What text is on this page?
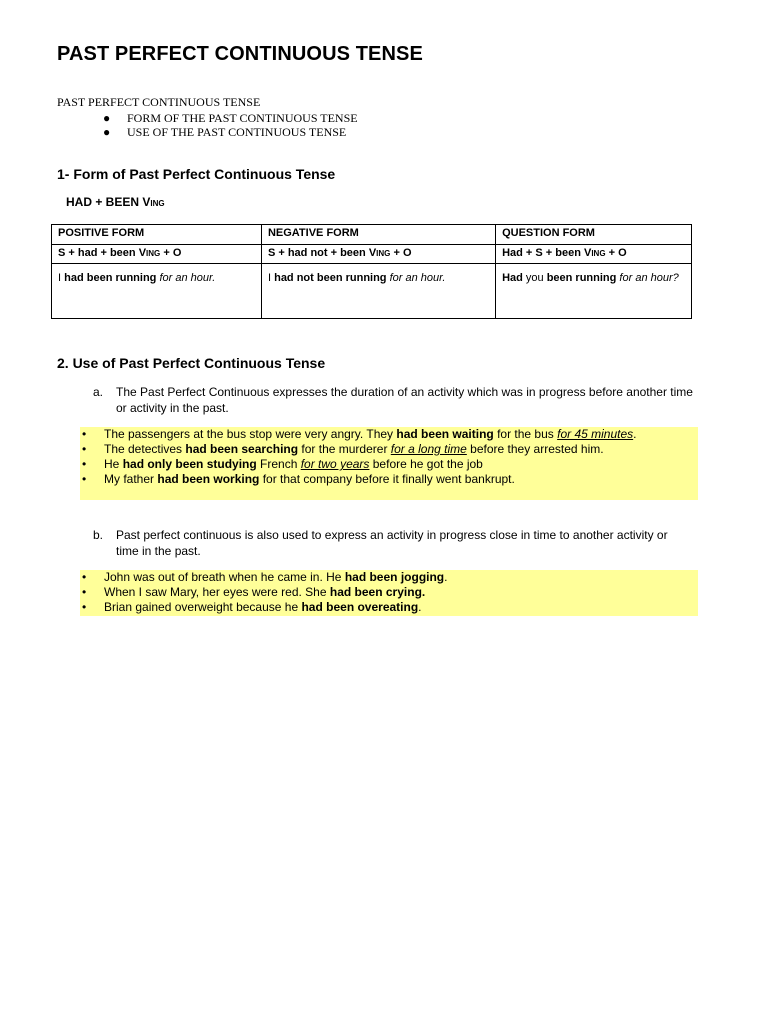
PAST PERFECT CONTINUOUS TENSE
PAST PERFECT CONTINUOUS TENSE
● FORM OF THE PAST CONTINUOUS TENSE
● USE OF THE PAST CONTINUOUS TENSE
1- Form of Past Perfect Continuous Tense
HAD + BEEN VING
POSITIVE FORM	NEGATIVE FORM	QUESTION FORM
S + had + been VING + O	S + had not + been VING + O	Had + S + been VING + O
I had been running for an hour.	I had not been running for an hour.	Had you been running for an hour?
2. Use of Past Perfect Continuous Tense
a. The Past Perfect Continuous expresses the duration of an activity which was in progress before another time or activity in the past.
• The passengers at the bus stop were very angry. They had been waiting for the bus for 45 minutes.
• The detectives had been searching for the murderer for a long time before they arrested him.
• He had only been studying French for two years before he got the job
• My father had been working for that company before it finally went bankrupt.
b. Past perfect continuous is also used to express an activity in progress close in time to another activity or time in the past.
• John was out of breath when he came in. He had been jogging.
• When I saw Mary, her eyes were red. She had been crying.
• Brian gained overweight because he had been overeating.
